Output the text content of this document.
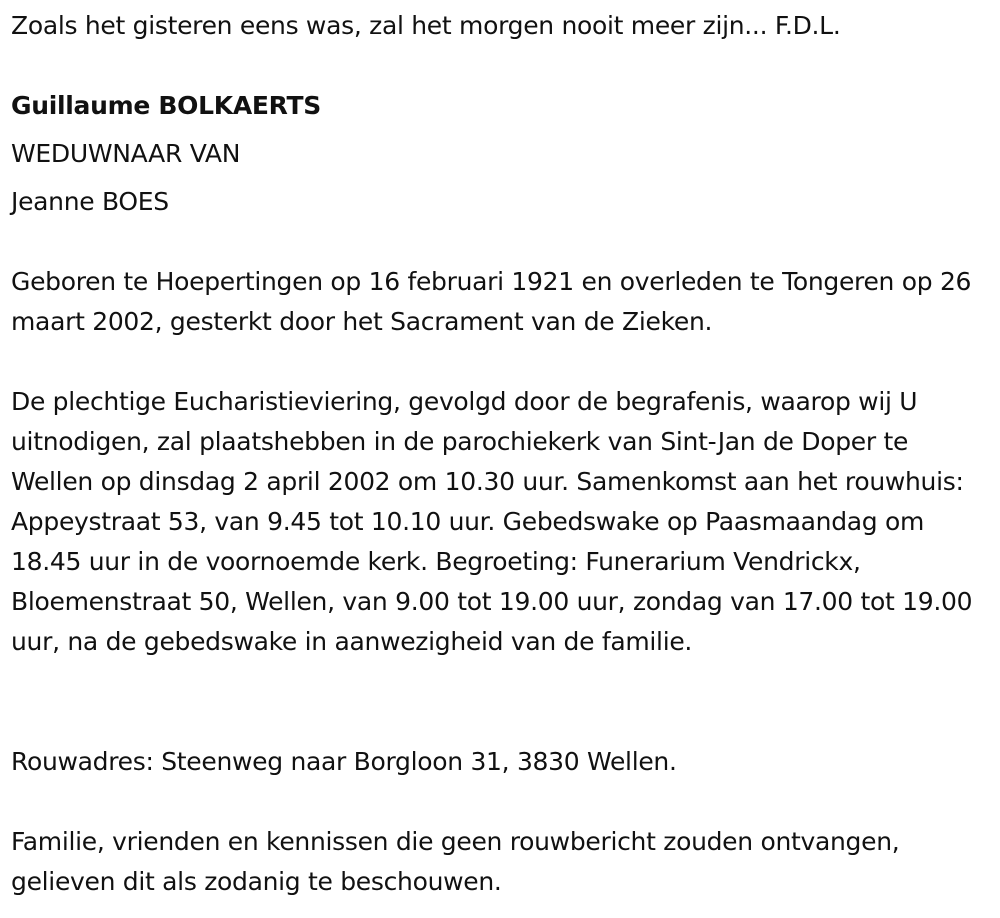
Zoals het gisteren eens was, zal het morgen nooit meer zijn... F.D.L.
Guillaume BOLKAERTS
WEDUWNAAR VAN
Jeanne BOES
Geboren te Hoepertingen op 16 februari 1921 en overleden te Tongeren op 26 maart 2002, gesterkt door het Sacrament van de Zieken.
De plechtige Eucharistieviering, gevolgd door de begrafenis, waarop wij U uitnodigen, zal plaatshebben in de parochiekerk van Sint-Jan de Doper te Wellen op dinsdag 2 april 2002 om 10.30 uur. Samenkomst aan het rouwhuis: Appeystraat 53, van 9.45 tot 10.10 uur. Gebedswake op Paasmaandag om 18.45 uur in de voornoemde kerk. Begroeting: Funerarium Vendrickx, Bloemenstraat 50, Wellen, van 9.00 tot 19.00 uur, zondag van 17.00 tot 19.00 uur, na de gebedswake in aanwezigheid van de familie.
Rouwadres: Steenweg naar Borgloon 31, 3830 Wellen.
Familie, vrienden en kennissen die geen rouwbericht zouden ontvangen, gelieven dit als zodanig te beschouwen.
